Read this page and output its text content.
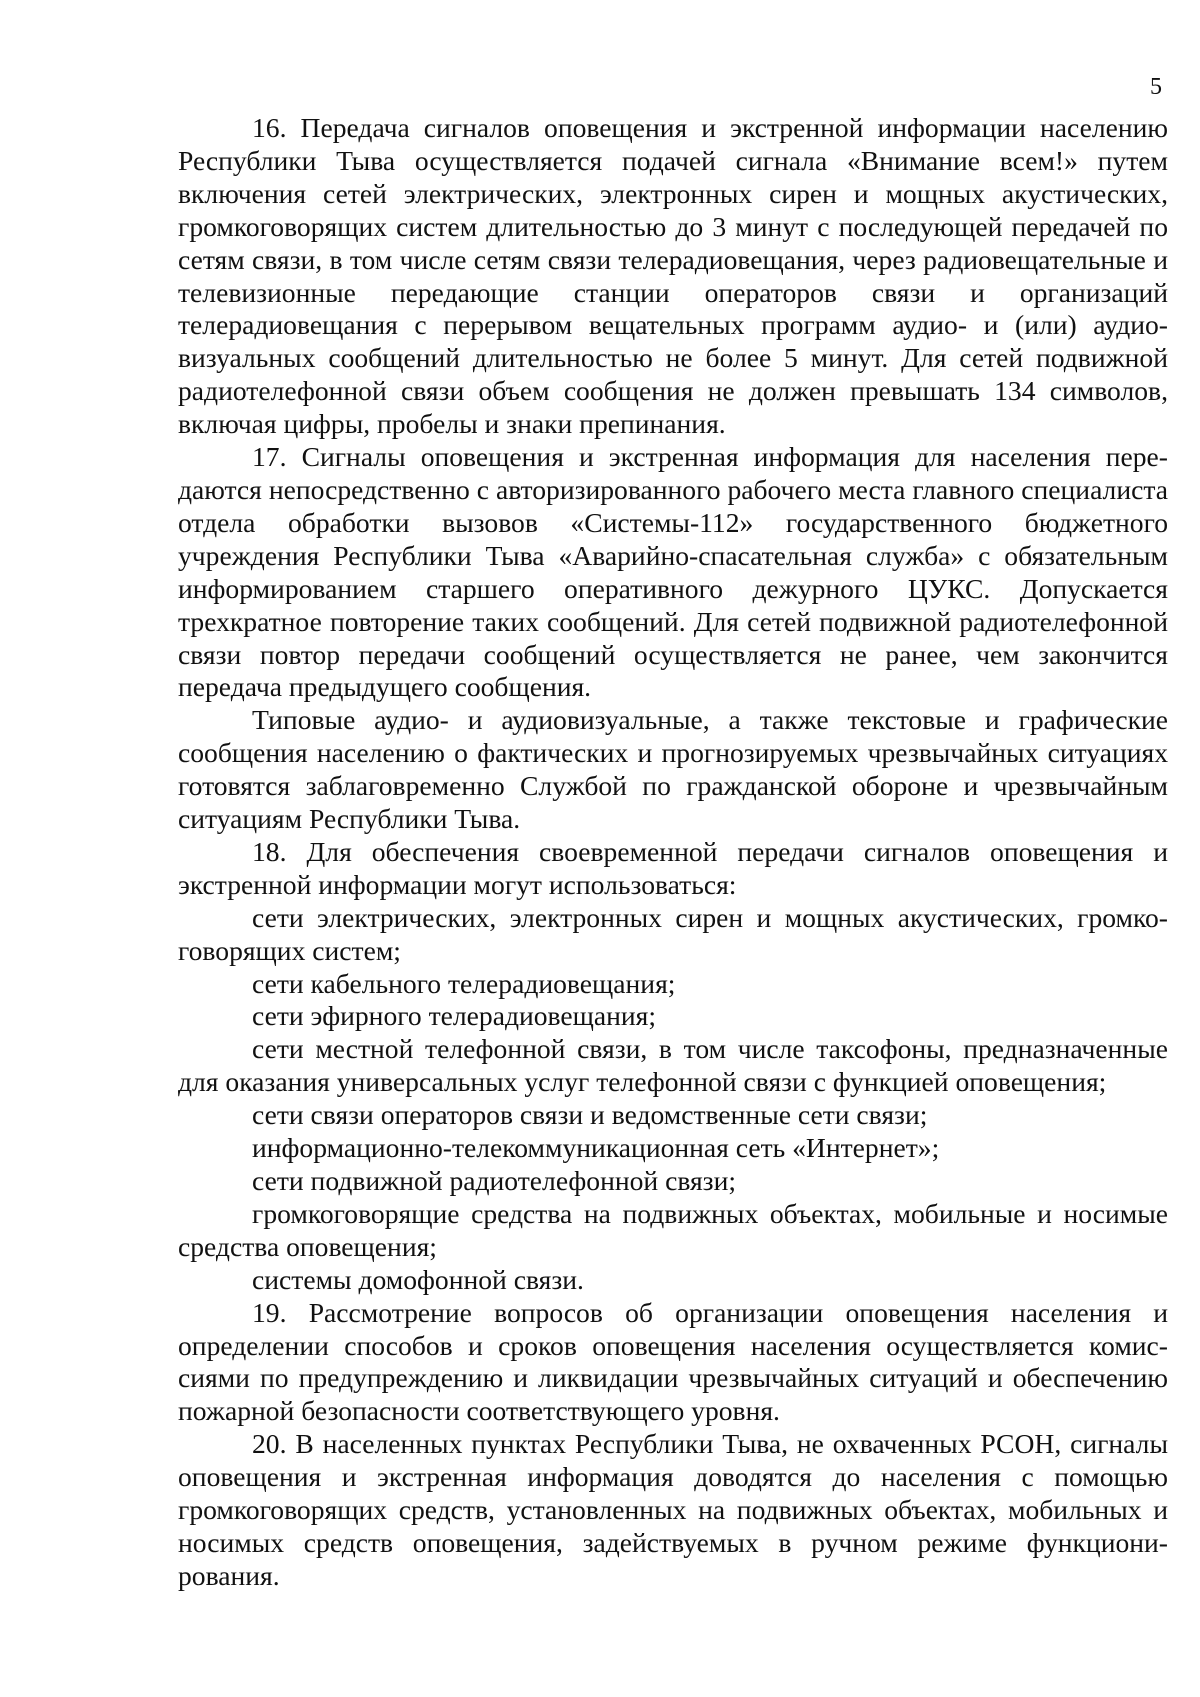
5

16. Передача сигналов оповещения и экстренной информации населению Республики Тыва осуществляется подачей сигнала «Внимание всем!» путем включения сетей электрических, электронных сирен и мощных акустических, громкоговорящих систем длительностью до 3 минут с последующей передачей по сетям связи, в том числе сетям связи телерадиовещания, через радиовещательные и телевизионные передающие станции операторов связи и организаций телерадиовещания с перерывом вещательных программ аудио- и (или) аудиовизуальных сообщений длительностью не более 5 минут. Для сетей подвижной радиотелефонной связи объем сообщения не должен превышать 134 символов, включая цифры, пробелы и знаки препинания.

17. Сигналы оповещения и экстренная информация для населения передаются непосредственно с авторизированного рабочего места главного специалиста отдела обработки вызовов «Системы-112» государственного бюджетного учреждения Республики Тыва «Аварийно-спасательная служба» с обязательным информированием старшего оперативного дежурного ЦУКС. Допускается трехкратное повторение таких сообщений. Для сетей подвижной радиотелефонной связи повтор передачи сообщений осуществляется не ранее, чем закончится передача предыдущего сообщения.

Типовые аудио- и аудиовизуальные, а также текстовые и графические сообщения населению о фактических и прогнозируемых чрезвычайных ситуациях готовятся заблаговременно Службой по гражданской обороне и чрезвычайным ситуациям Республики Тыва.

18. Для обеспечения своевременной передачи сигналов оповещения и экстренной информации могут использоваться:

сети электрических, электронных сирен и мощных акустических, громкоговорящих систем;

сети кабельного телерадиовещания;

сети эфирного телерадиовещания;

сети местной телефонной связи, в том числе таксофоны, предназначенные для оказания универсальных услуг телефонной связи с функцией оповещения;

сети связи операторов связи и ведомственные сети связи;

информационно-телекоммуникационная сеть «Интернет»;

сети подвижной радиотелефонной связи;

громкоговорящие средства на подвижных объектах, мобильные и носимые средства оповещения;

системы домофонной связи.

19. Рассмотрение вопросов об организации оповещения населения и определении способов и сроков оповещения населения осуществляется комиссиями по предупреждению и ликвидации чрезвычайных ситуаций и обеспечению пожарной безопасности соответствующего уровня.

20. В населенных пунктах Республики Тыва, не охваченных РСОН, сигналы оповещения и экстренная информация доводятся до населения с помощью громкоговорящих средств, установленных на подвижных объектах, мобильных и носимых средств оповещения, задействуемых в ручном режиме функционирования.
